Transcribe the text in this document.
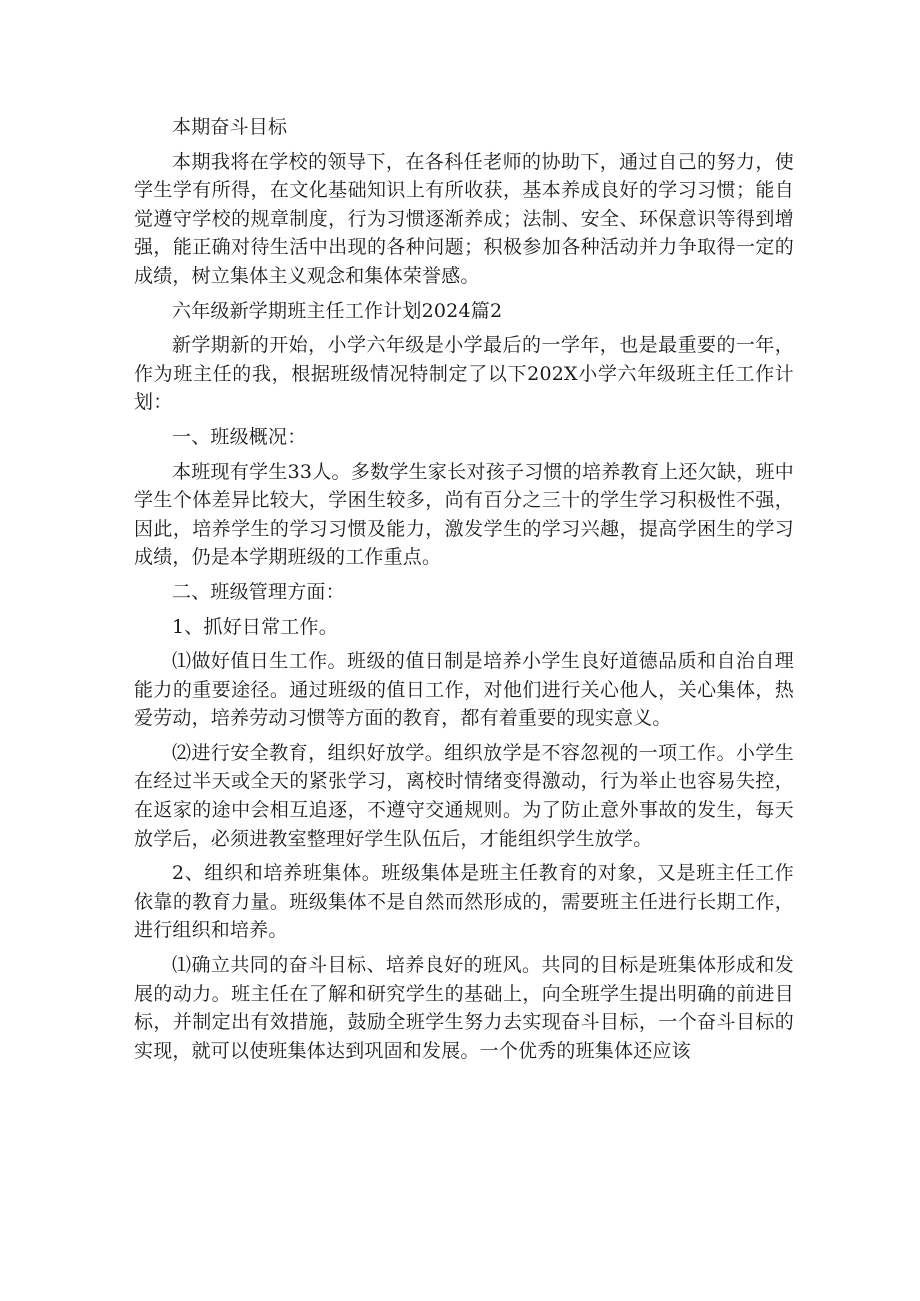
本期奋斗目标

本期我将在学校的领导下，在各科任老师的协助下，通过自己的努力，使学生学有所得，在文化基础知识上有所收获，基本养成良好的学习习惯；能自觉遵守学校的规章制度，行为习惯逐渐养成；法制、安全、环保意识等得到增强，能正确对待生活中出现的各种问题；积极参加各种活动并力争取得一定的成绩，树立集体主义观念和集体荣誉感。

六年级新学期班主任工作计划2024篇2

新学期新的开始，小学六年级是小学最后的一学年，也是最重要的一年，作为班主任的我，根据班级情况特制定了以下202X小学六年级班主任工作计划：

一、班级概况：

本班现有学生33人。多数学生家长对孩子习惯的培养教育上还欠缺，班中学生个体差异比较大，学困生较多，尚有百分之三十的学生学习积极性不强，因此，培养学生的学习习惯及能力，激发学生的学习兴趣，提高学困生的学习成绩，仍是本学期班级的工作重点。

二、班级管理方面：

1、抓好日常工作。

⑴做好值日生工作。班级的值日制是培养小学生良好道德品质和自治自理能力的重要途径。通过班级的值日工作，对他们进行关心他人，关心集体，热爱劳动，培养劳动习惯等方面的教育，都有着重要的现实意义。

⑵进行安全教育，组织好放学。组织放学是不容忽视的一项工作。小学生在经过半天或全天的紧张学习，离校时情绪变得激动，行为举止也容易失控，在返家的途中会相互追逐，不遵守交通规则。为了防止意外事故的发生，每天放学后，必须进教室整理好学生队伍后，才能组织学生放学。

2、组织和培养班集体。班级集体是班主任教育的对象，又是班主任工作依靠的教育力量。班级集体不是自然而然形成的，需要班主任进行长期工作，进行组织和培养。

⑴确立共同的奋斗目标、培养良好的班风。共同的目标是班集体形成和发展的动力。班主任在了解和研究学生的基础上，向全班学生提出明确的前进目标，并制定出有效措施，鼓励全班学生努力去实现奋斗目标，一个奋斗目标的实现，就可以使班集体达到巩固和发展。一个优秀的班集体还应该
